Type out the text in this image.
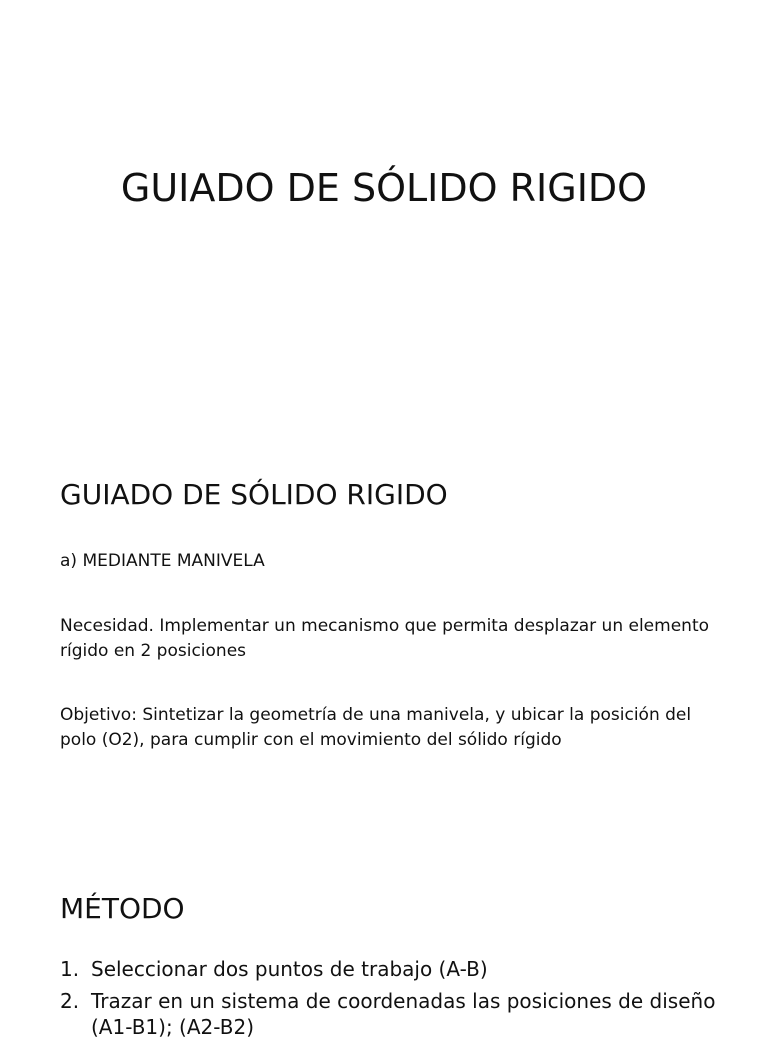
GUIADO DE SÓLIDO RIGIDO
GUIADO DE SÓLIDO RIGIDO

a) MEDIANTE MANIVELA

Necesidad. Implementar un mecanismo que permita desplazar un elemento rígido en 2 posiciones

Objetivo: Sintetizar la geometría de una manivela, y ubicar la posición del polo (O2), para cumplir con el movimiento del sólido rígido

MÉTODO
1. Seleccionar dos puntos de trabajo (A-B)
2. Trazar en un sistema de coordenadas las posiciones de diseño (A1-B1); (A2-B2)
